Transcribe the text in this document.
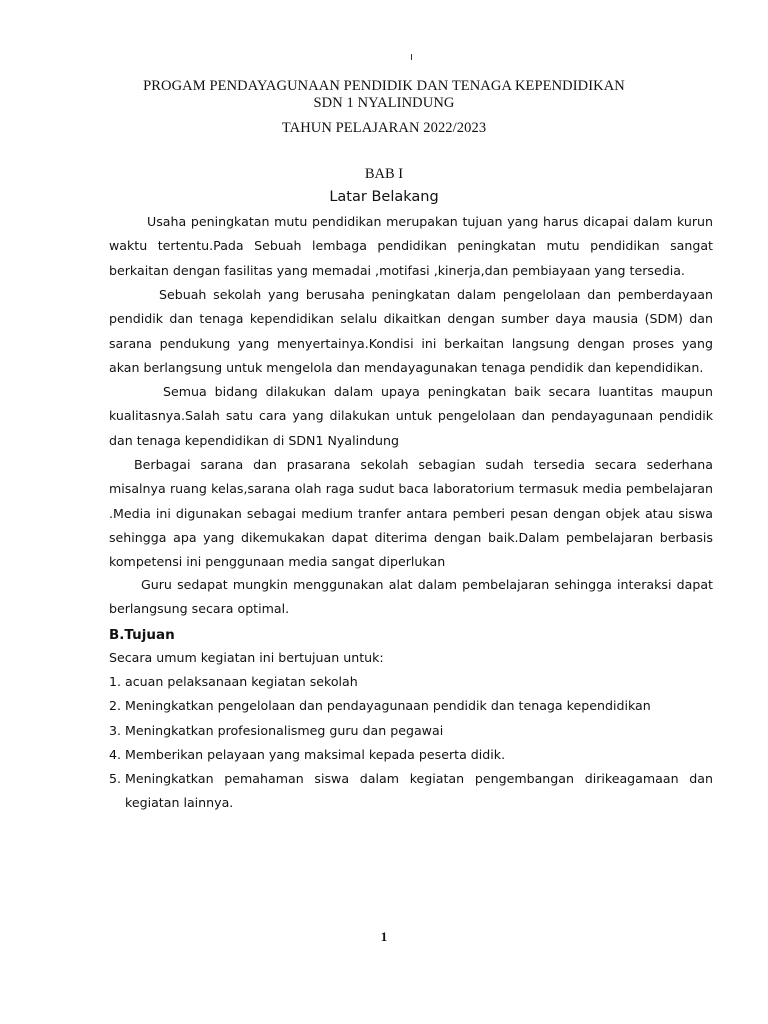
PROGAM PENDAYAGUNAAN PENDIDIK DAN TENAGA KEPENDIDIKAN
SDN 1 NYALINDUNG
TAHUN PELAJARAN 2022/2023
BAB I
Latar Belakang

Usaha peningkatan mutu pendidikan merupakan tujuan yang harus dicapai dalam kurun waktu tertentu.Pada Sebuah lembaga pendidikan peningkatan mutu pendidikan sangat berkaitan dengan fasilitas yang memadai ,motifasi ,kinerja,dan pembiayaan yang tersedia.

Sebuah sekolah yang berusaha peningkatan dalam pengelolaan dan pemberdayaan pendidik dan tenaga kependidikan selalu dikaitkan dengan sumber daya mausia (SDM) dan sarana pendukung yang menyertainya.Kondisi ini berkaitan langsung dengan proses yang akan berlangsung untuk mengelola dan mendayagunakan tenaga pendidik dan kependidikan.

Semua bidang dilakukan dalam upaya peningkatan baik secara luantitas maupun kualitasnya.Salah satu cara yang dilakukan untuk pengelolaan dan pendayagunaan pendidik dan tenaga kependidikan di SDN1 Nyalindung

Berbagai sarana dan prasarana sekolah sebagian sudah tersedia secara sederhana misalnya ruang kelas,sarana olah raga sudut baca laboratorium termasuk media pembelajaran .Media ini digunakan sebagai medium tranfer antara pemberi pesan dengan objek atau siswa sehingga apa yang dikemukakan dapat diterima dengan baik.Dalam pembelajaran berbasis kompetensi ini penggunaan media sangat diperlukan

Guru sedapat mungkin menggunakan alat dalam pembelajaran sehingga interaksi dapat berlangsung secara optimal.

B.Tujuan
Secara umum kegiatan ini bertujuan untuk:
1. acuan pelaksanaan kegiatan sekolah
2. Meningkatkan pengelolaan dan pendayagunaan pendidik dan tenaga kependidikan
3. Meningkatkan profesionalismeg guru dan pegawai
4. Memberikan pelayaan yang maksimal kepada peserta didik.
5. Meningkatkan pemahaman siswa dalam kegiatan pengembangan dirikeagamaan dan kegiatan lainnya.
1
